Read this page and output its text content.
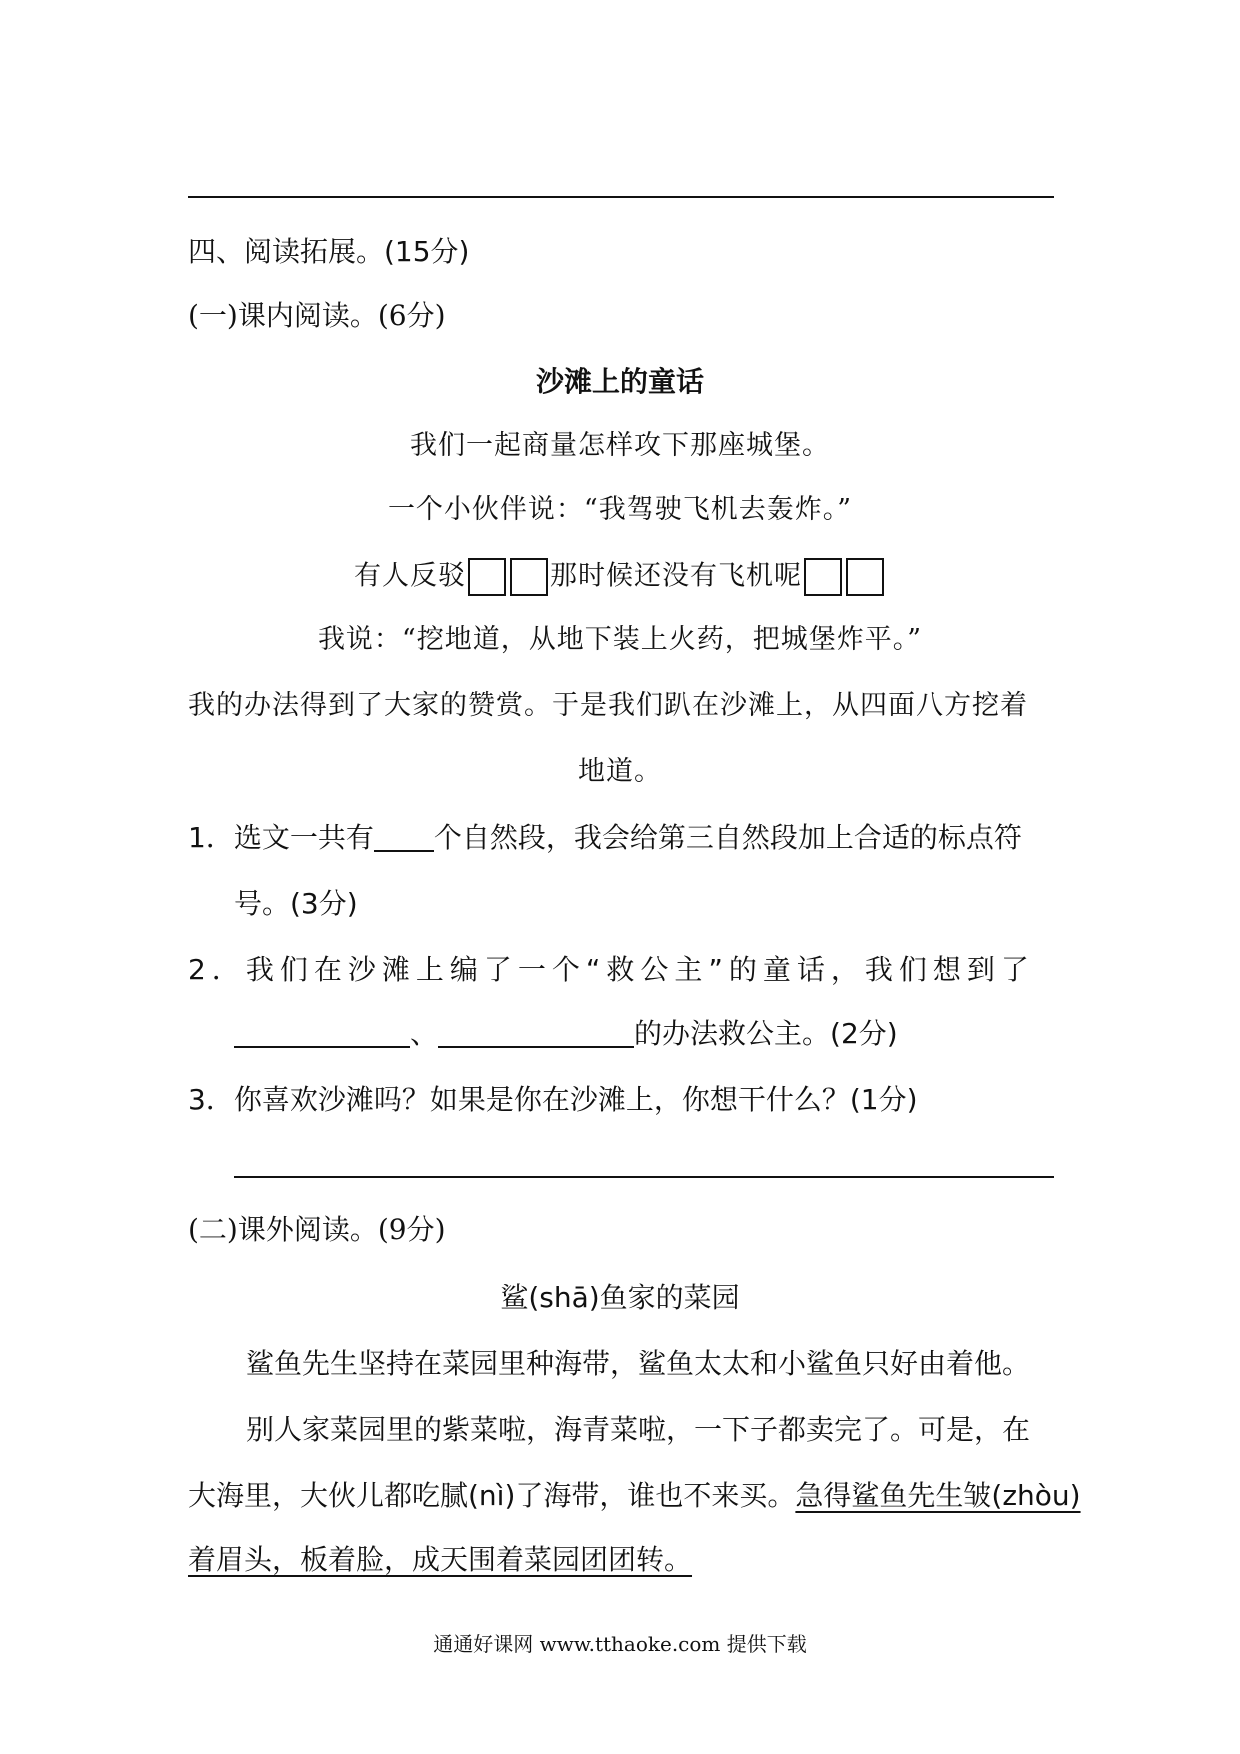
四、阅读拓展。(15分)
(一)课内阅读。(6分)
沙滩上的童话
我们一起商量怎样攻下那座城堡。
一个小伙伴说：“我驾驶飞机去轰炸。”
有人反驳	那时候还没有飞机呢
我说：“挖地道，从地下装上火药，把城堡炸平。”
我的办法得到了大家的赞赏。于是我们趴在沙滩上，从四面八方挖着
地道。
1．选文一共有 个自然段，我会给第三自然段加上合适的标点符
号。(3分)
2．我们在沙滩上编了一个“救公主”的童话，我们想到了
、	的办法救公主。(2分)
3．你喜欢沙滩吗？如果是你在沙滩上，你想干什么？(1分)
(二)课外阅读。(9分)
鲨(shā)鱼家的菜园
鲨鱼先生坚持在菜园里种海带，鲨鱼太太和小鲨鱼只好由着他。
别人家菜园里的紫菜啦，海青菜啦，一下子都卖完了。可是，在
大海里，大伙儿都吃腻(nì)了海带，谁也不来买。急得鲨鱼先生皱(zhòu)
着眉头，板着脸，成天围着菜园团团转。
通通好课网 www.tthaoke.com 提供下载
